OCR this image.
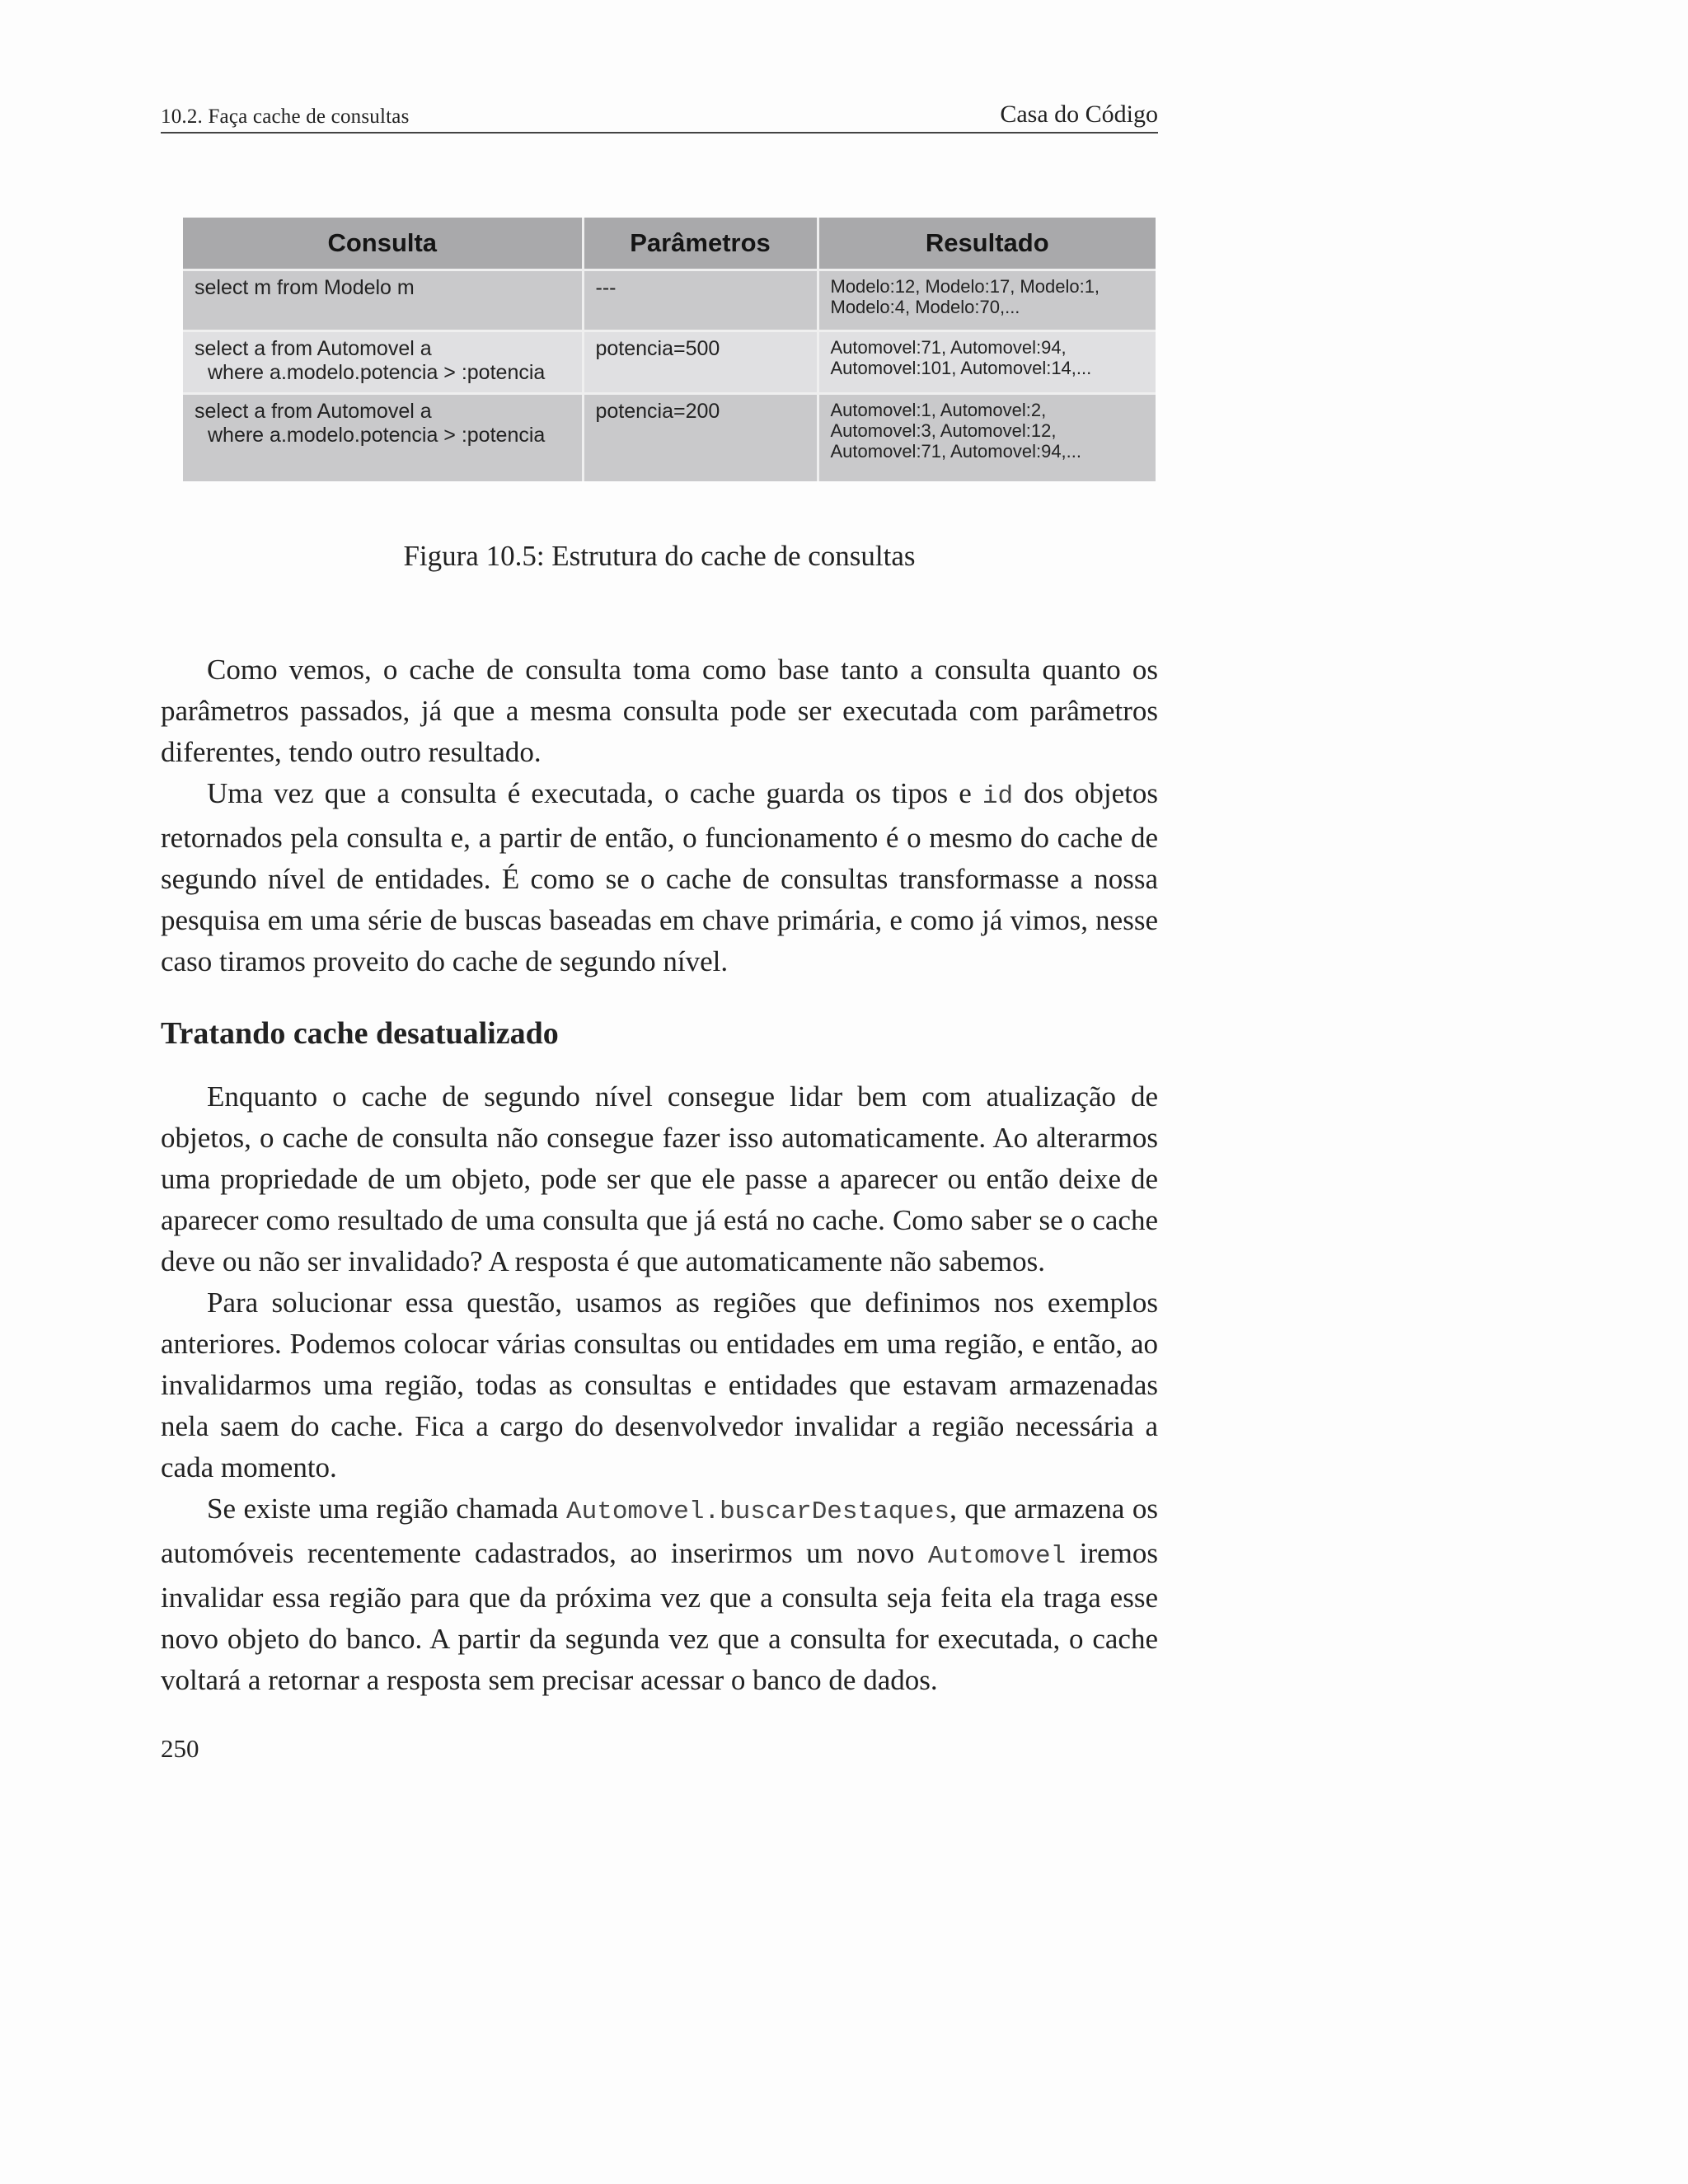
10.2. Faça cache de consultas	Casa do Código
Consulta	Parâmetros	Resultado

select m from Modelo m	---	Modelo:12, Modelo:17, Modelo:1,
Modelo:4, Modelo:70,...

select a from Automovel a
where a.modelo.potencia > :potencia	potencia=500	Automovel:71, Automovel:94,
Automovel:101, Automovel:14,...

select a from Automovel a
where a.modelo.potencia > :potencia	potencia=200	Automovel:1, Automovel:2,
Automovel:3, Automovel:12,
Automovel:71, Automovel:94,...
Figura 10.5: Estrutura do cache de consultas

Como vemos, o cache de consulta toma como base tanto a consulta quanto os parâmetros passados, já que a mesma consulta pode ser executada com parâmetros diferentes, tendo outro resultado.

Uma vez que a consulta é executada, o cache guarda os tipos e id dos objetos retornados pela consulta e, a partir de então, o funcionamento é o mesmo do cache de segundo nível de entidades. É como se o cache de consultas transformasse a nossa pesquisa em uma série de buscas baseadas em chave primária, e como já vimos, nesse caso tiramos proveito do cache de segundo nível.

Tratando cache desatualizado

Enquanto o cache de segundo nível consegue lidar bem com atualização de objetos, o cache de consulta não consegue fazer isso automaticamente. Ao alterarmos uma propriedade de um objeto, pode ser que ele passe a aparecer ou então deixe de aparecer como resultado de uma consulta que já está no cache. Como saber se o cache deve ou não ser invalidado? A resposta é que automaticamente não sabemos.

Para solucionar essa questão, usamos as regiões que definimos nos exemplos anteriores. Podemos colocar várias consultas ou entidades em uma região, e então, ao invalidarmos uma região, todas as consultas e entidades que estavam armazenadas nela saem do cache. Fica a cargo do desenvolvedor invalidar a região necessária a cada momento.

Se existe uma região chamada Automovel.buscarDestaques, que armazena os automóveis recentemente cadastrados, ao inserirmos um novo Automovel iremos invalidar essa região para que da próxima vez que a consulta seja feita ela traga esse novo objeto do banco. A partir da segunda vez que a consulta for executada, o cache voltará a retornar a resposta sem precisar acessar o banco de dados.

250
